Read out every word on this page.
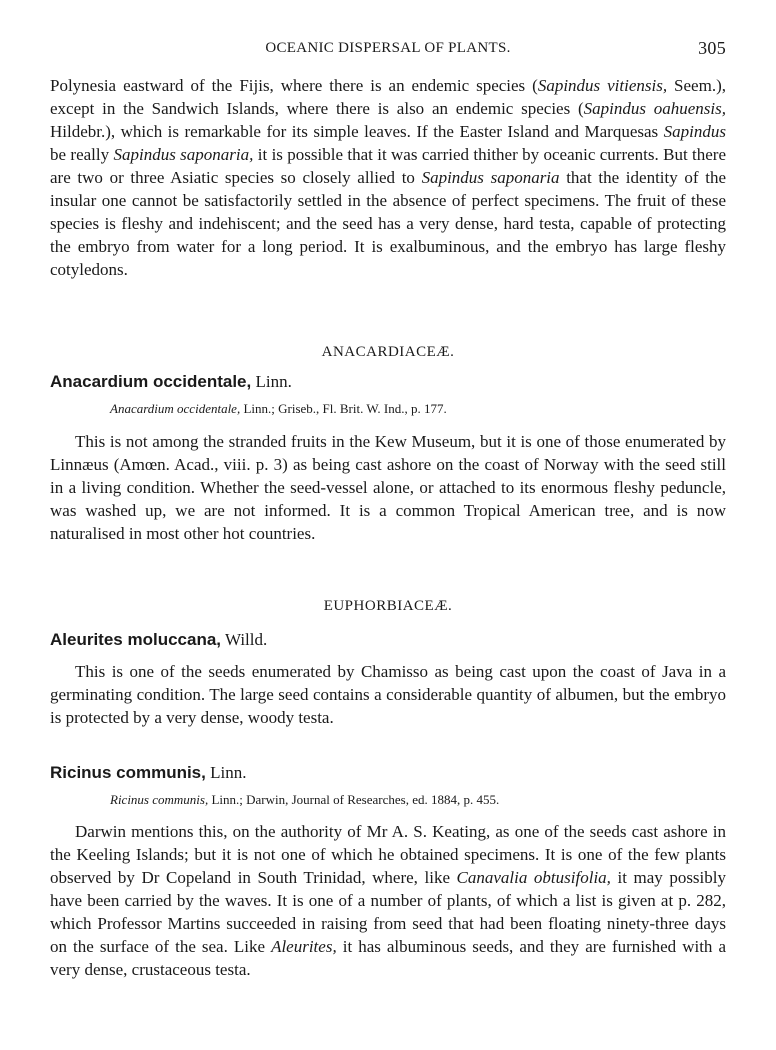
OCEANIC DISPERSAL OF PLANTS.	305

Polynesia eastward of the Fijis, where there is an endemic species (Sapindus vitiensis, Seem.), except in the Sandwich Islands, where there is also an endemic species (Sapindus oahuensis, Hildebr.), which is remarkable for its simple leaves. If the Easter Island and Marquesas Sapindus be really Sapindus saponaria, it is possible that it was carried thither by oceanic currents. But there are two or three Asiatic species so closely allied to Sapindus saponaria that the identity of the insular one cannot be satisfactorily settled in the absence of perfect specimens. The fruit of these species is fleshy and indehiscent; and the seed has a very dense, hard testa, capable of protecting the embryo from water for a long period. It is exalbuminous, and the embryo has large fleshy cotyledons.

ANACARDIACEÆ.
Anacardium occidentale, Linn.
Anacardium occidentale, Linn.; Griseb., Fl. Brit. W. Ind., p. 177.

This is not among the stranded fruits in the Kew Museum, but it is one of those enumerated by Linnæus (Amœn. Acad., viii. p. 3) as being cast ashore on the coast of Norway with the seed still in a living condition. Whether the seed-vessel alone, or attached to its enormous fleshy peduncle, was washed up, we are not informed. It is a common Tropical American tree, and is now naturalised in most other hot countries.

EUPHORBIACEÆ.
Aleurites moluccana, Willd.

This is one of the seeds enumerated by Chamisso as being cast upon the coast of Java in a germinating condition. The large seed contains a considerable quantity of albumen, but the embryo is protected by a very dense, woody testa.

Ricinus communis, Linn.
Ricinus communis, Linn.; Darwin, Journal of Researches, ed. 1884, p. 455.

Darwin mentions this, on the authority of Mr A. S. Keating, as one of the seeds cast ashore in the Keeling Islands; but it is not one of which he obtained specimens. It is one of the few plants observed by Dr Copeland in South Trinidad, where, like Canavalia obtusifolia, it may possibly have been carried by the waves. It is one of a number of plants, of which a list is given at p. 282, which Professor Martins succeeded in raising from seed that had been floating ninety-three days on the surface of the sea. Like Aleurites, it has albuminous seeds, and they are furnished with a very dense, crustaceous testa.
